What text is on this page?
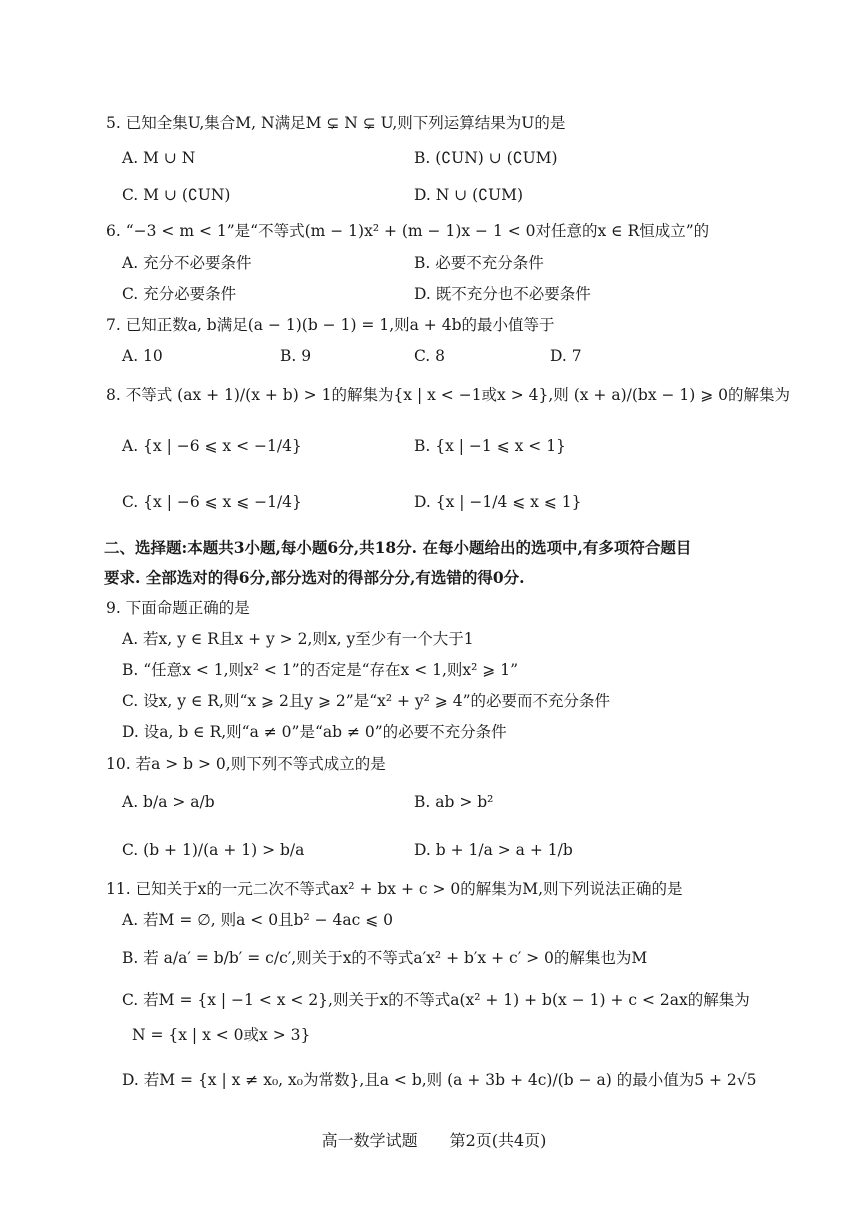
5. 已知全集U,集合M, N满足M ⊊ N ⊊ U,则下列运算结果为U的是
A. M ∪ N	B. (∁UN) ∪ (∁UM)
C. M ∪ (∁UN)	D. N ∪ (∁UM)
6. “−3 < m < 1”是“不等式(m − 1)x² + (m − 1)x − 1 < 0对任意的x ∈ R恒成立”的
A. 充分不必要条件	B. 必要不充分条件
C. 充分必要条件	D. 既不充分也不必要条件
7. 已知正数a, b满足(a − 1)(b − 1) = 1,则a + 4b的最小值等于
A. 10	B. 9	C. 8	D. 7
8. 不等式 (ax + 1)/(x + b) > 1的解集为{x | x < −1或x > 4},则 (x + a)/(bx − 1) ⩾ 0的解集为
A. {x | −6 ⩽ x < −1/4}	B. {x | −1 ⩽ x < 1}
C. {x | −6 ⩽ x ⩽ −1/4}	D. {x | −1/4 ⩽ x ⩽ 1}
二、选择题:本题共3小题,每小题6分,共18分. 在每小题给出的选项中,有多项符合题目
要求. 全部选对的得6分,部分选对的得部分分,有选错的得0分.
9. 下面命题正确的是
A. 若x, y ∈ R且x + y > 2,则x, y至少有一个大于1
B. “任意x < 1,则x² < 1”的否定是“存在x < 1,则x² ⩾ 1”
C. 设x, y ∈ R,则“x ⩾ 2且y ⩾ 2”是“x² + y² ⩾ 4”的必要而不充分条件
D. 设a, b ∈ R,则“a ≠ 0”是“ab ≠ 0”的必要不充分条件
10. 若a > b > 0,则下列不等式成立的是
A. b/a > a/b	B. ab > b²
C. (b + 1)/(a + 1) > b/a	D. b + 1/a > a + 1/b
11. 已知关于x的一元二次不等式ax² + bx + c > 0的解集为M,则下列说法正确的是
A. 若M = ∅, 则a < 0且b² − 4ac ⩽ 0
B. 若 a/a′ = b/b′ = c/c′,则关于x的不等式a′x² + b′x + c′ > 0的解集也为M
C. 若M = {x | −1 < x < 2},则关于x的不等式a(x² + 1) + b(x − 1) + c < 2ax的解集为
N = {x | x < 0或x > 3}
D. 若M = {x | x ≠ x₀, x₀为常数},且a < b,则 (a + 3b + 4c)/(b − a) 的最小值为5 + 2√5
高一数学试题　　第2页(共4页)
